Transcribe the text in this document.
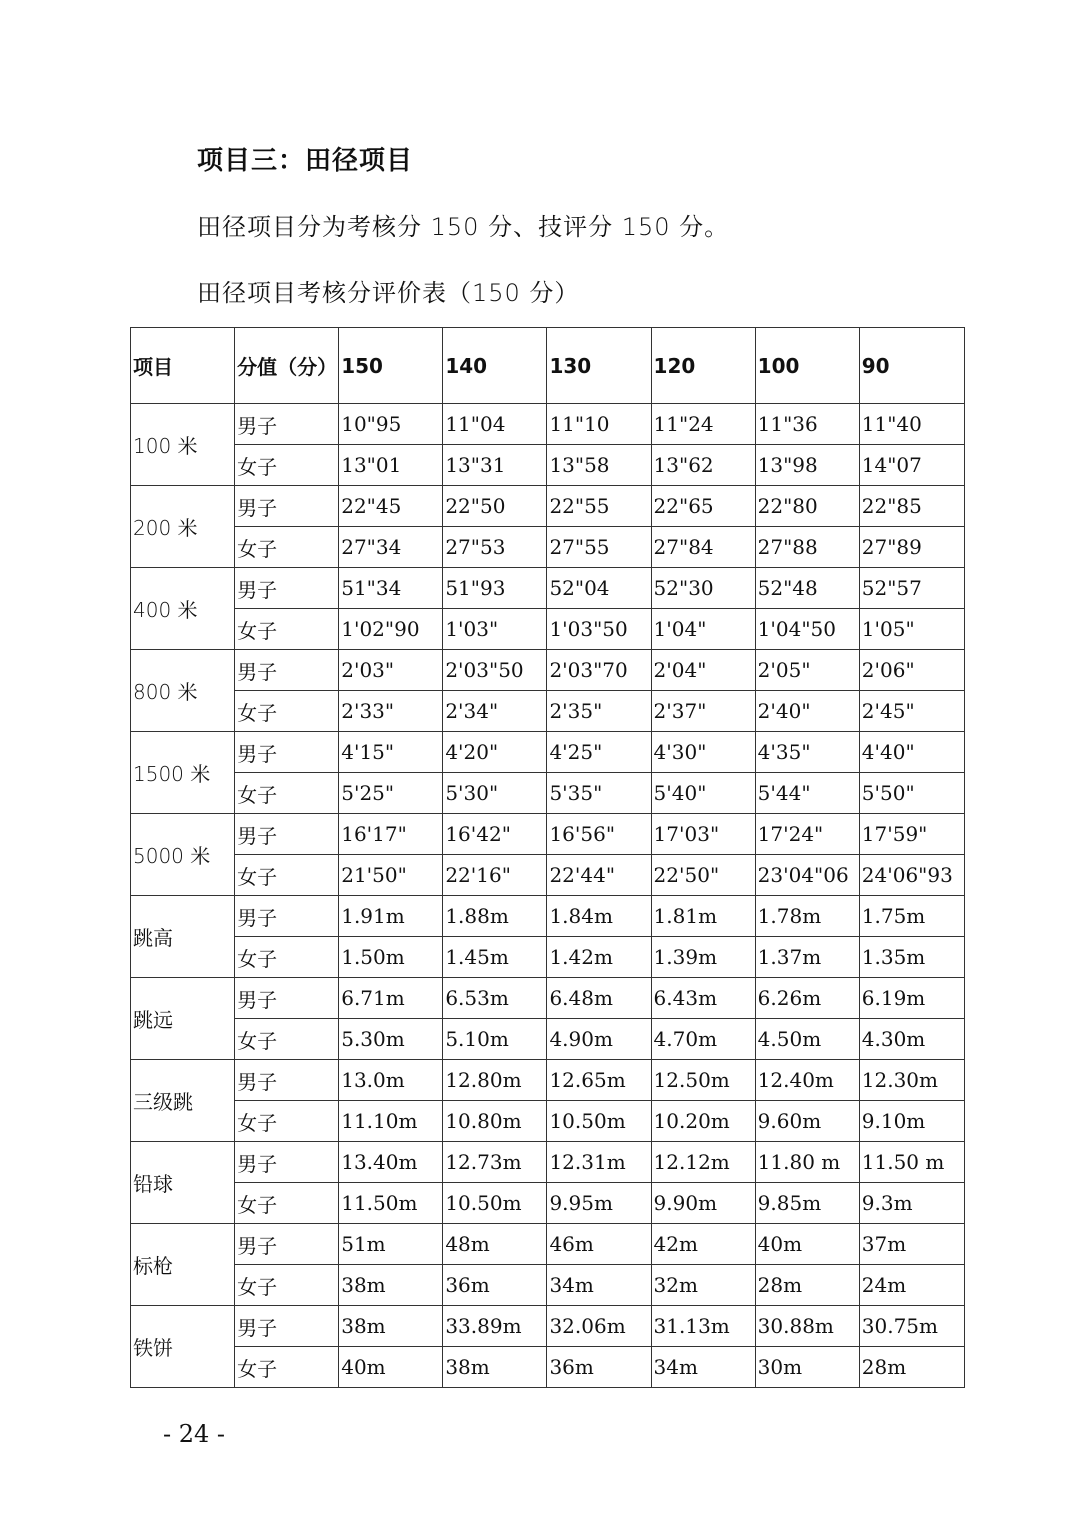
项目三：田径项目
田径项目分为考核分 150 分、技评分 150 分。
田径项目考核分评价表（150 分）
项目	分值（分）	150	140	130	120	100	90
100 米	男子	10"95	11"04	11"10	11"24	11"36	11"40
	女子	13"01	13"31	13"58	13"62	13"98	14"07
200 米	男子	22"45	22"50	22"55	22"65	22"80	22"85
	女子	27"34	27"53	27"55	27"84	27"88	27"89
400 米	男子	51"34	51"93	52"04	52"30	52"48	52"57
	女子	1'02"90	1'03"	1'03"50	1'04"	1'04"50	1'05"
800 米	男子	2'03"	2'03"50	2'03"70	2'04"	2'05"	2'06"
	女子	2'33"	2'34"	2'35"	2'37"	2'40"	2'45"
1500 米	男子	4'15"	4'20"	4'25"	4'30"	4'35"	4'40"
	女子	5'25"	5'30"	5'35"	5'40"	5'44"	5'50"
5000 米	男子	16'17"	16'42"	16'56"	17'03"	17'24"	17'59"
	女子	21'50"	22'16"	22'44"	22'50"	23'04"06	24'06"93
跳高	男子	1.91m	1.88m	1.84m	1.81m	1.78m	1.75m
	女子	1.50m	1.45m	1.42m	1.39m	1.37m	1.35m
跳远	男子	6.71m	6.53m	6.48m	6.43m	6.26m	6.19m
	女子	5.30m	5.10m	4.90m	4.70m	4.50m	4.30m
三级跳	男子	13.0m	12.80m	12.65m	12.50m	12.40m	12.30m
	女子	11.10m	10.80m	10.50m	10.20m	9.60m	9.10m
铅球	男子	13.40m	12.73m	12.31m	12.12m	11.80 m	11.50 m
	女子	11.50m	10.50m	9.95m	9.90m	9.85m	9.3m
标枪	男子	51m	48m	46m	42m	40m	37m
	女子	38m	36m	34m	32m	28m	24m
铁饼	男子	38m	33.89m	32.06m	31.13m	30.88m	30.75m
	女子	40m	38m	36m	34m	30m	28m
- 24 -
